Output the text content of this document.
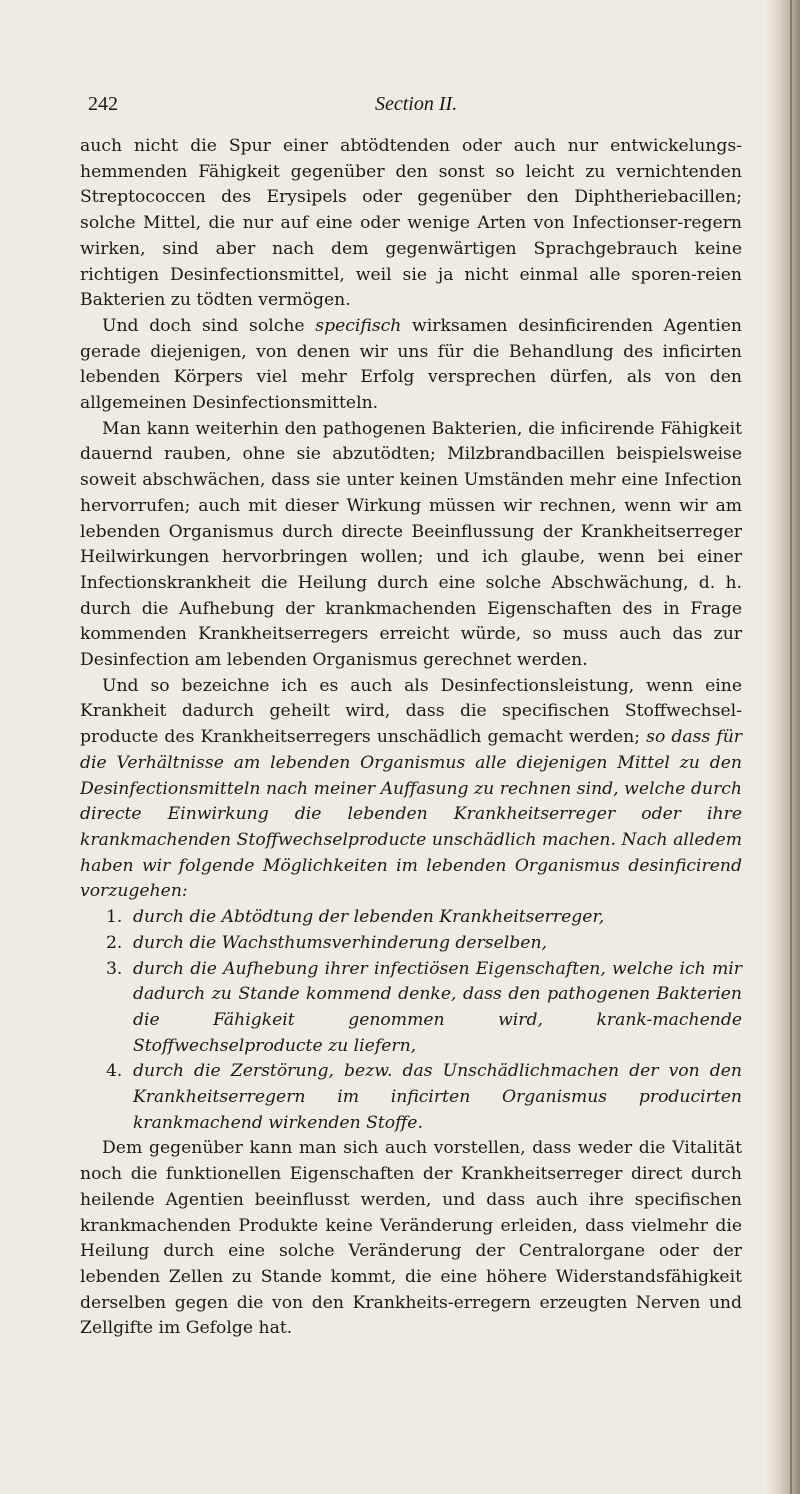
242	Section II.

auch nicht die Spur einer abtödtenden oder auch nur entwickelungs-hemmenden Fähigkeit gegenüber den sonst so leicht zu vernichtenden Streptococcen des Erysipels oder gegenüber den Diphtheriebacillen; solche Mittel, die nur auf eine oder wenige Arten von Infectionser-regern wirken, sind aber nach dem gegenwärtigen Sprachgebrauch keine richtigen Desinfectionsmittel, weil sie ja nicht einmal alle sporen-reien Bakterien zu tödten vermögen.

Und doch sind solche specifisch wirksamen desinficirenden Agentien gerade diejenigen, von denen wir uns für die Behandlung des inficirten lebenden Körpers viel mehr Erfolg versprechen dürfen, als von den allgemeinen Desinfectionsmitteln.

Man kann weiterhin den pathogenen Bakterien, die inficirende Fähigkeit dauernd rauben, ohne sie abzutödten; Milzbrandbacillen beispielsweise soweit abschwächen, dass sie unter keinen Umständen mehr eine Infection hervorrufen; auch mit dieser Wirkung müssen wir rechnen, wenn wir am lebenden Organismus durch directe Beeinflussung der Krankheitserreger Heilwirkungen hervorbringen wollen; und ich glaube, wenn bei einer Infectionskrankheit die Heilung durch eine solche Abschwächung, d. h. durch die Aufhebung der krankmachenden Eigenschaften des in Frage kommenden Krankheitserregers erreicht würde, so muss auch das zur Desinfection am lebenden Organismus gerechnet werden.

Und so bezeichne ich es auch als Desinfectionsleistung, wenn eine Krankheit dadurch geheilt wird, dass die specifischen Stoffwechsel-producte des Krankheitserregers unschädlich gemacht werden; so dass für die Verhältnisse am lebenden Organismus alle diejenigen Mittel zu den Desinfectionsmitteln nach meiner Auffasung zu rechnen sind, welche durch directe Einwirkung die lebenden Krankheitserreger oder ihre krankmachenden Stoffwechselproducte unschädlich machen. Nach alledem haben wir folgende Möglichkeiten im lebenden Organismus desinficirend vorzugehen:

1. durch die Abtödtung der lebenden Krankheitserreger,
2. durch die Wachsthumsverhinderung derselben,
3. durch die Aufhebung ihrer infectiösen Eigenschaften, welche ich mir dadurch zu Stande kommend denke, dass den pathogenen Bakterien die Fähigkeit genommen wird, krank-machende Stoffwechselproducte zu liefern,
4. durch die Zerstörung, bezw. das Unschädlichmachen der von den Krankheitserregern im inficirten Organismus producirten krankmachend wirkenden Stoffe.

Dem gegenüber kann man sich auch vorstellen, dass weder die Vitalität noch die funktionellen Eigenschaften der Krankheitserreger direct durch heilende Agentien beeinflusst werden, und dass auch ihre specifischen krankmachenden Produkte keine Veränderung erleiden, dass vielmehr die Heilung durch eine solche Veränderung der Centralorgane oder der lebenden Zellen zu Stande kommt, die eine höhere Widerstandsfähigkeit derselben gegen die von den Krankheits-erregern erzeugten Nerven und Zellgifte im Gefolge hat.
